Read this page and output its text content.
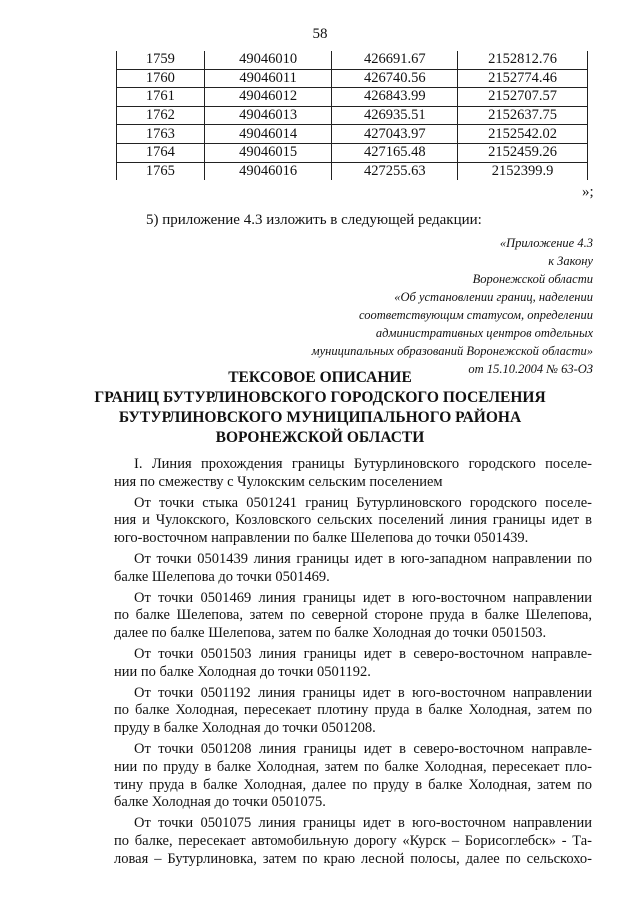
58
1759	49046010	426691.67	2152812.76
1760	49046011	426740.56	2152774.46
1761	49046012	426843.99	2152707.57
1762	49046013	426935.51	2152637.75
1763	49046014	427043.97	2152542.02
1764	49046015	427165.48	2152459.26
1765	49046016	427255.63	2152399.9
»;
5) приложение 4.3 изложить в следующей редакции:
«Приложение 4.3
к Закону
Воронежской области
«Об установлении границ, наделении
соответствующим статусом, определении
административных центров отдельных
муниципальных образований Воронежской области»
от 15.10.2004 № 63-ОЗ
ТЕКСОВОЕ ОПИСАНИЕ
ГРАНИЦ БУТУРЛИНОВСКОГО ГОРОДСКОГО ПОСЕЛЕНИЯ
БУТУРЛИНОВСКОГО МУНИЦИПАЛЬНОГО РАЙОНА
ВОРОНЕЖСКОЙ ОБЛАСТИ
I. Линия прохождения границы Бутурлиновского городского поселе-
ния по смежеству с Чулокским сельским поселением
От точки стыка 0501241 границ Бутурлиновского городского поселе-
ния и Чулокского, Козловского сельских поселений линия границы идет в
юго-восточном направлении по балке Шелепова до точки 0501439.
От точки 0501439 линия границы идет в юго-западном направлении по
балке Шелепова до точки 0501469.
От точки 0501469 линия границы идет в юго-восточном направлении
по балке Шелепова, затем по северной стороне пруда в балке Шелепова,
далее по балке Шелепова, затем по балке Холодная до точки 0501503.
От точки 0501503 линия границы идет в северо-восточном направле-
нии по балке Холодная до точки 0501192.
От точки 0501192 линия границы идет в юго-восточном направлении
по балке Холодная, пересекает плотину пруда в балке Холодная, затем по
пруду в балке Холодная до точки 0501208.
От точки 0501208 линия границы идет в северо-восточном направле-
нии по пруду в балке Холодная, затем по балке Холодная, пересекает пло-
тину пруда в балке Холодная, далее по пруду в балке Холодная, затем по
балке Холодная до точки 0501075.
От точки 0501075 линия границы идет в юго-восточном направлении
по балке, пересекает автомобильную дорогу «Курск – Борисоглебск» - Та-
ловая – Бутурлиновка, затем по краю лесной полосы, далее по сельскохо-
